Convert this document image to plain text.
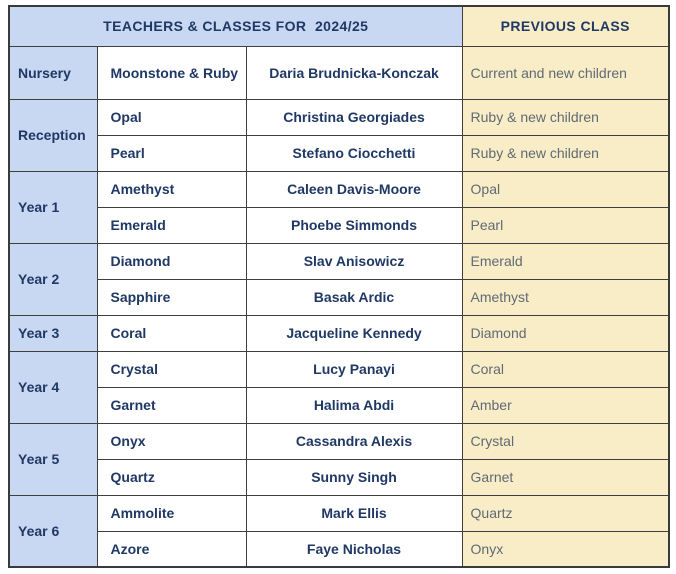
TEACHERS & CLASSES FOR  2024/25			PREVIOUS CLASS
Nursery	Moonstone & Ruby	Daria Brudnicka-Konczak	Current and new children
Reception	Opal	Christina Georgiades	Ruby & new children
	Pearl	Stefano Ciocchetti	Ruby & new children
Year 1	Amethyst	Caleen Davis-Moore	Opal
	Emerald	Phoebe Simmonds	Pearl
Year 2	Diamond	Slav Anisowicz	Emerald
	Sapphire	Basak Ardic	Amethyst
Year 3	Coral	Jacqueline Kennedy	Diamond
Year 4	Crystal	Lucy Panayi	Coral
	Garnet	Halima Abdi	Amber
Year 5	Onyx	Cassandra Alexis	Crystal
	Quartz	Sunny Singh	Garnet
Year 6	Ammolite	Mark Ellis	Quartz
	Azore	Faye Nicholas	Onyx
